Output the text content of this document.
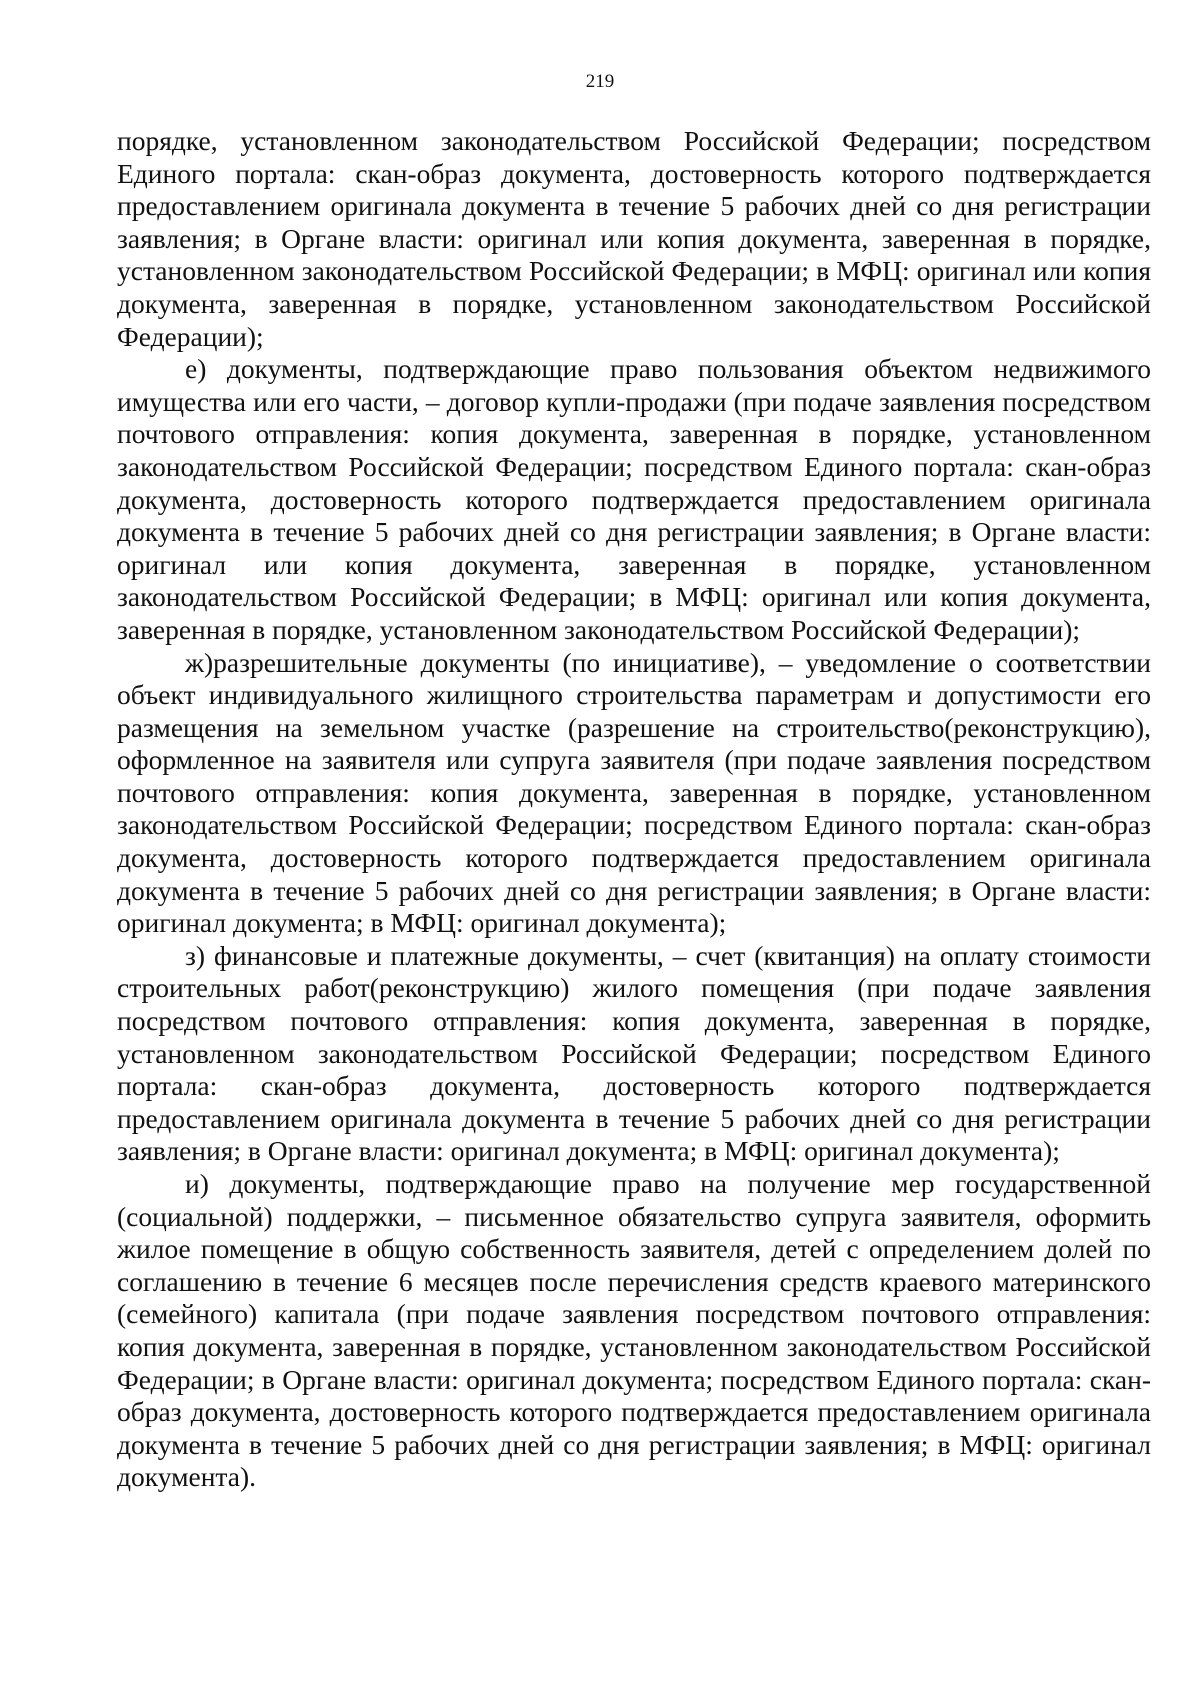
219

порядке, установленном законодательством Российской Федерации; посредством Единого портала: скан-образ документа, достоверность которого подтверждается предоставлением оригинала документа в течение 5 рабочих дней со дня регистрации заявления; в Органе власти: оригинал или копия документа, заверенная в порядке, установленном законодательством Российской Федерации; в МФЦ: оригинал или копия документа, заверенная в порядке, установленном законодательством Российской Федерации);

е) документы, подтверждающие право пользования объектом недвижимого имущества или его части, – договор купли-продажи (при подаче заявления посредством почтового отправления: копия документа, заверенная в порядке, установленном законодательством Российской Федерации; посредством Единого портала: скан-образ документа, достоверность которого подтверждается предоставлением оригинала документа в течение 5 рабочих дней со дня регистрации заявления; в Органе власти: оригинал или копия документа, заверенная в порядке, установленном законодательством Российской Федерации; в МФЦ: оригинал или копия документа, заверенная в порядке, установленном законодательством Российской Федерации);

ж)разрешительные документы (по инициативе), – уведомление о соответствии объект индивидуального жилищного строительства параметрам и допустимости его размещения на земельном участке (разрешение на строительство(реконструкцию), оформленное на заявителя или супруга заявителя (при подаче заявления посредством почтового отправления: копия документа, заверенная в порядке, установленном законодательством Российской Федерации; посредством Единого портала: скан-образ документа, достоверность которого подтверждается предоставлением оригинала документа в течение 5 рабочих дней со дня регистрации заявления; в Органе власти: оригинал документа; в МФЦ: оригинал документа);

з) финансовые и платежные документы, – счет (квитанция) на оплату стоимости строительных работ(реконструкцию) жилого помещения (при подаче заявления посредством почтового отправления: копия документа, заверенная в порядке, установленном законодательством Российской Федерации; посредством Единого портала: скан-образ документа, достоверность которого подтверждается предоставлением оригинала документа в течение 5 рабочих дней со дня регистрации заявления; в Органе власти: оригинал документа; в МФЦ: оригинал документа);

и) документы, подтверждающие право на получение мер государственной (социальной) поддержки, – письменное обязательство супруга заявителя, оформить жилое помещение в общую собственность заявителя, детей с определением долей по соглашению в течение 6 месяцев после перечисления средств краевого материнского (семейного) капитала (при подаче заявления посредством почтового отправления: копия документа, заверенная в порядке, установленном законодательством Российской Федерации; в Органе власти: оригинал документа; посредством Единого портала: скан-образ документа, достоверность которого подтверждается предоставлением оригинала документа в течение 5 рабочих дней со дня регистрации заявления; в МФЦ: оригинал документа).
